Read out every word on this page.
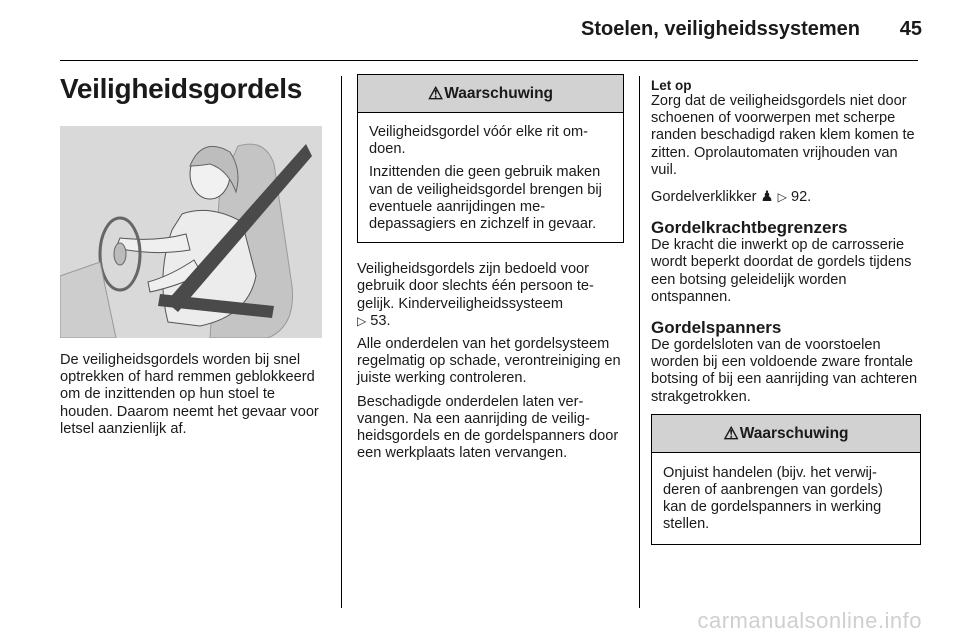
Stoelen, veiligheidssystemen 45
Veiligheidsgordels
De veiligheidsgordels worden bij snel optrekken of hard remmen geblokkeerd om de inzittenden op hun stoel te houden. Daarom neemt het gevaar voor letsel aanzienlijk af.
⚠ Waarschuwing

Veiligheidsgordel vóór elke rit omdoen.

Inzittenden die geen gebruik maken van de veiligheidsgordel brengen bij eventuele aanrijdingen medepassagiers en zichzelf in gevaar.

Veiligheidsgordels zijn bedoeld voor gebruik door slechts één persoon tegelijk. Kinderveiligheidssysteem
▷ 53.

Alle onderdelen van het gordelsysteem regelmatig op schade, verontreiniging en juiste werking controleren.

Beschadigde onderdelen laten vervangen. Na een aanrijding de veiligheidsgordels en de gordelspanners door een werkplaats laten vervangen.

Let op

Zorg dat de veiligheidsgordels niet door schoenen of voorwerpen met scherpe randen beschadigd raken klem komen te zitten. Oprolautomaten vrijhouden van vuil.

Gordelverklikker ♟ ▷ 92.

Gordelkrachtbegrenzers

De kracht die inwerkt op de carrosserie wordt beperkt doordat de gordels tijdens een botsing geleidelijk worden ontspannen.

Gordelspanners

De gordelsloten van de voorstoelen worden bij een voldoende zware frontale botsing of bij een aanrijding van achteren strakgetrokken.

⚠ Waarschuwing

Onjuist handelen (bijv. het verwijderen of aanbrengen van gordels) kan de gordelspanners in werking stellen.

carmanualsonline.info
